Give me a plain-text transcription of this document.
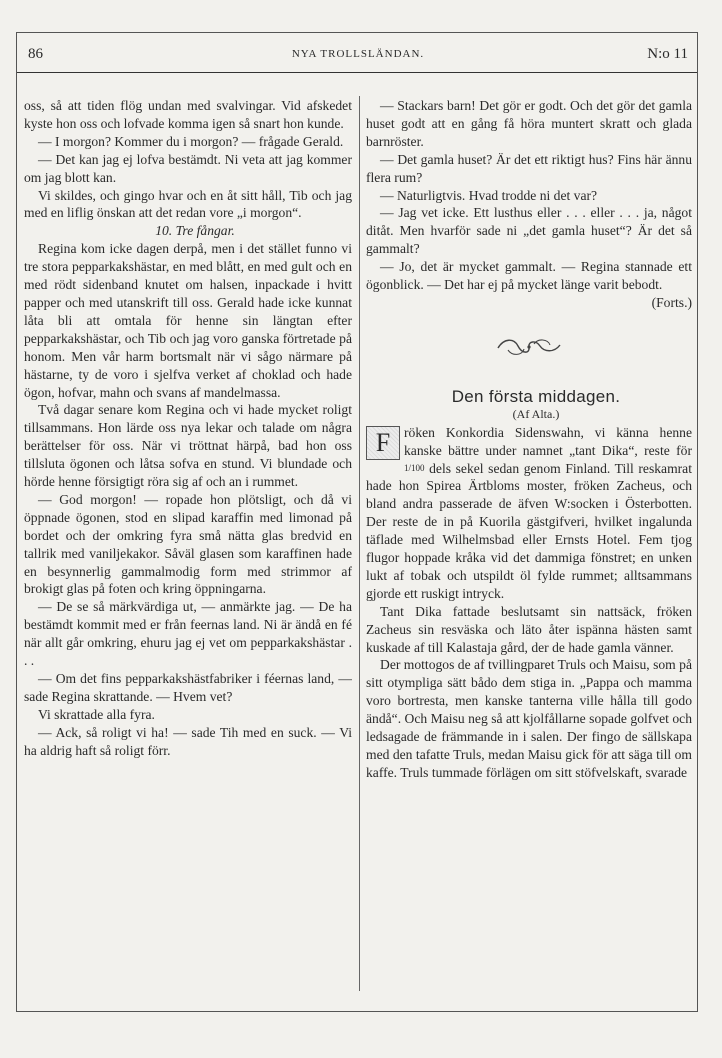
86	NYA TROLLSLÄNDAN.	N:o 11

oss, så att tiden flög undan med svalvingar. Vid afskedet kyste hon oss och lofvade komma igen så snart hon kunde.

— I morgon? Kommer du i morgon? — frågade Gerald.

— Det kan jag ej lofva bestämdt. Ni veta att jag kommer om jag blott kan.

Vi skildes, och gingo hvar och en åt sitt håll, Tib och jag med en liflig önskan att det redan vore „i morgon“.

10. Tre fångar.

Regina kom icke dagen derpå, men i det stället funno vi tre stora pepparkakshästar, en med blått, en med gult och en med rödt sidenband knutet om halsen, inpackade i hvitt papper och med utanskrift till oss. Gerald hade icke kunnat låta bli att omtala för henne sin längtan efter pepparkakshästar, och Tib och jag voro ganska förtretade på honom. Men vår harm bortsmalt när vi sågo närmare på hästarne, ty de voro i sjelfva verket af choklad och hade ögon, hofvar, mahn och svans af mandelmassa.

Två dagar senare kom Regina och vi hade mycket roligt tillsammans. Hon lärde oss nya lekar och talade om några berättelser för oss. När vi tröttnat härpå, bad hon oss tillsluta ögonen och låtsa sofva en stund. Vi blundade och hörde henne försigtigt röra sig af och an i rummet.

— God morgon! — ropade hon plötsligt, och då vi öppnade ögonen, stod en slipad karaffin med limonad på bordet och der omkring fyra små nätta glas bredvid en tallrik med vaniljekakor. Såväl glasen som karaffinen hade en besynnerlig gammalmodig form med strimmor af brokigt glas på foten och kring öppningarna.

— De se så märkvärdiga ut, — anmärkte jag. — De ha bestämdt kommit med er från feernas land. Ni är ändå en fé när allt går omkring, ehuru jag ej vet om pepparkakshästar . . .

— Om det fins pepparkakshästfabriker i féernas land, — sade Regina skrattande. — Hvem vet?

Vi skrattade alla fyra.

— Ack, så roligt vi ha! — sade Tih med en suck. — Vi ha aldrig haft så roligt förr.

— Stackars barn! Det gör er godt. Och det gör det gamla huset godt att en gång få höra muntert skratt och glada barnröster.

— Det gamla huset? Är det ett riktigt hus? Fins här ännu flera rum?

— Naturligtvis. Hvad trodde ni det var?

— Jag vet icke. Ett lusthus eller . . . eller . . . ja, något ditåt. Men hvarför sade ni „det gamla huset“? Är det så gammalt?

— Jo, det är mycket gammalt. — Regina stannade ett ögonblick. — Det har ej på mycket länge varit bebodt.

(Forts.)

Den första middagen.

(Af Alta.)

F	röken Konkordia Sidenswahn, vi känna henne kanske bättre under namnet „tant Dika“, reste för 1/100 dels sekel sedan genom Finland. Till reskamrat hade hon Spirea Ärtbloms moster, fröken Zacheus, och bland andra passerade de äfven W:socken i Österbotten. Der reste de in på Kuorila gästgifveri, hvilket ingalunda täflade med Wilhelmsbad eller Ernsts Hotel. Fem tjog flugor hoppade kråka vid det dammiga fönstret; en unken lukt af tobak och utspildt öl fylde rummet; alltsammans gjorde ett ruskigt intryck.

Tant Dika fattade beslutsamt sin nattsäck, fröken Zacheus sin resväska och läto åter ispänna hästen samt kuskade af till Kalastaja gård, der de hade gamla vänner.

Der mottogos de af tvillingparet Truls och Maisu, som på sitt otympliga sätt bådo dem stiga in. „Pappa och mamma voro bortresta, men kanske tanterna ville hålla till godo ändå“. Och Maisu neg så att kjolfållarne sopade golfvet och ledsagade de främmande in i salen. Der fingo de sällskapa med den tafatte Truls, medan Maisu gick för att säga till om kaffe. Truls tummade förlägen om sitt stöfvelskaft, svarade
